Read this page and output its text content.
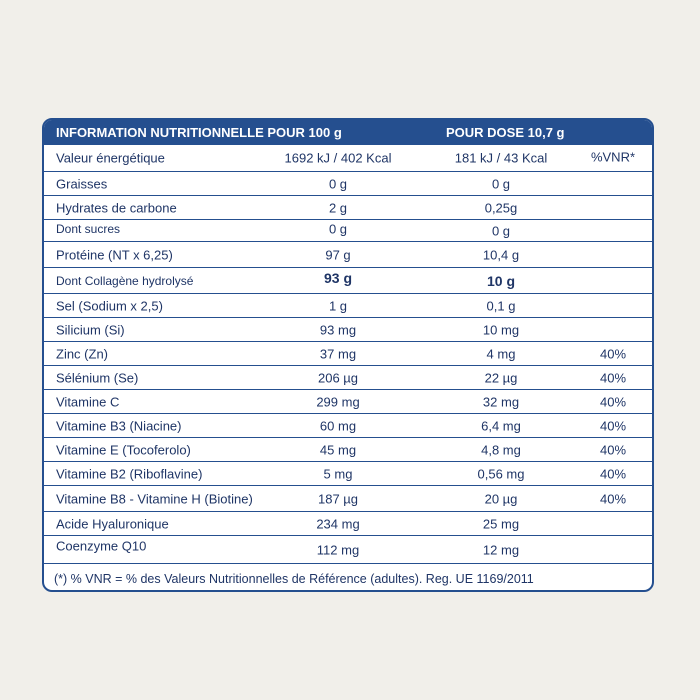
INFORMATION NUTRITIONNELLE POUR 100 g	POUR DOSE 10,7 g
Valeur énergétique	1692 kJ / 402 Kcal	181 kJ / 43 Kcal	%VNR*
Graisses	0 g	0 g
Hydrates de carbone	2 g	0,25g
Dont sucres	0 g	0 g
Protéine (NT x 6,25)	97 g	10,4 g
Dont Collagène hydrolysé	93 g	10 g
Sel (Sodium x 2,5)	1 g	0,1 g
Silicium (Si)	93 mg	10 mg
Zinc (Zn)	37 mg	4 mg	40%
Sélénium (Se)	206 µg	22 µg	40%
Vitamine C	299 mg	32 mg	40%
Vitamine B3 (Niacine)	60 mg	6,4 mg	40%
Vitamine E (Tocoferolo)	45 mg	4,8 mg	40%
Vitamine B2 (Riboflavine)	5 mg	0,56 mg	40%
Vitamine B8 - Vitamine H (Biotine)	187 µg	20 µg	40%
Acide Hyaluronique	234 mg	25 mg
Coenzyme Q10	112 mg	12 mg
(*) % VNR = % des Valeurs Nutritionnelles de Référence (adultes). Reg. UE 1169/2011
